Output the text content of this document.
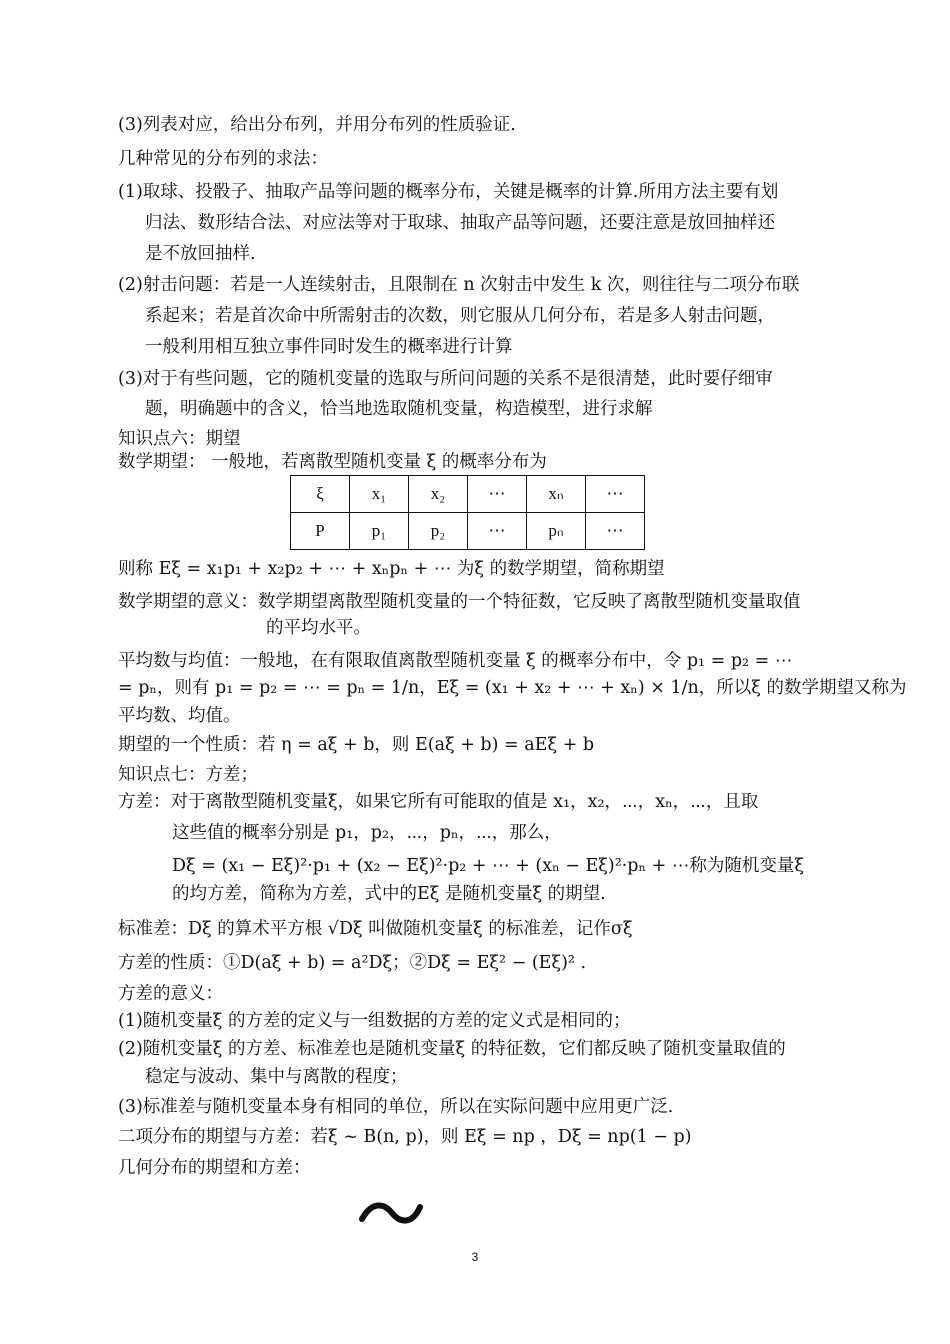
(3)列表对应，给出分布列，并用分布列的性质验证.
几种常见的分布列的求法：
(1)取球、投骰子、抽取产品等问题的概率分布，关键是概率的计算.所用方法主要有划
归法、数形结合法、对应法等对于取球、抽取产品等问题，还要注意是放回抽样还
是不放回抽样.
(2)射击问题：若是一人连续射击，且限制在 n 次射击中发生 k 次，则往往与二项分布联
系起来；若是首次命中所需射击的次数，则它服从几何分布，若是多人射击问题，
一般利用相互独立事件同时发生的概率进行计算
(3)对于有些问题，它的随机变量的选取与所问问题的关系不是很清楚，此时要仔细审
题，明确题中的含义，恰当地选取随机变量，构造模型，进行求解
知识点六：期望
数学期望： 一般地，若离散型随机变量 ξ 的概率分布为
ξ	x₁	x₂	⋯	xₙ	⋯
P	p₁	p₂	⋯	pₙ	⋯
则称 Eξ = x₁p₁ + x₂p₂ + ⋯ + xₙpₙ + ⋯ 为ξ 的数学期望，简称期望
数学期望的意义：数学期望离散型随机变量的一个特征数，它反映了离散型随机变量取值
的平均水平。
平均数与均值：一般地，在有限取值离散型随机变量 ξ 的概率分布中，令 p₁ = p₂ = ⋯
= pₙ，则有 p₁ = p₂ = ⋯ = pₙ = 1/n，Eξ = (x₁ + x₂ + ⋯ + xₙ) × 1/n，所以ξ 的数学期望又称为
平均数、均值。
期望的一个性质：若 η = aξ + b，则 E(aξ + b) = aEξ + b
知识点七：方差；
方差：对于离散型随机变量ξ，如果它所有可能取的值是 x₁，x₂，⋯，xₙ，⋯，且取
这些值的概率分别是 p₁，p₂，⋯，pₙ，⋯，那么，
Dξ = (x₁ − Eξ)²·p₁ + (x₂ − Eξ)²·p₂ + ⋯ + (xₙ − Eξ)²·pₙ + ⋯称为随机变量ξ
的均方差，简称为方差，式中的Eξ 是随机变量ξ 的期望.
标准差：Dξ 的算术平方根 √Dξ 叫做随机变量ξ 的标准差，记作σξ
方差的性质：①D(aξ + b) = a²Dξ；②Dξ = Eξ² − (Eξ)² .
方差的意义：
(1)随机变量ξ 的方差的定义与一组数据的方差的定义式是相同的；
(2)随机变量ξ 的方差、标准差也是随机变量ξ 的特征数，它们都反映了随机变量取值的
稳定与波动、集中与离散的程度；
(3)标准差与随机变量本身有相同的单位，所以在实际问题中应用更广泛.
二项分布的期望与方差：若ξ ~ B(n, p)，则 Eξ = np ，Dξ = np(1 − p)
几何分布的期望和方差：
3
